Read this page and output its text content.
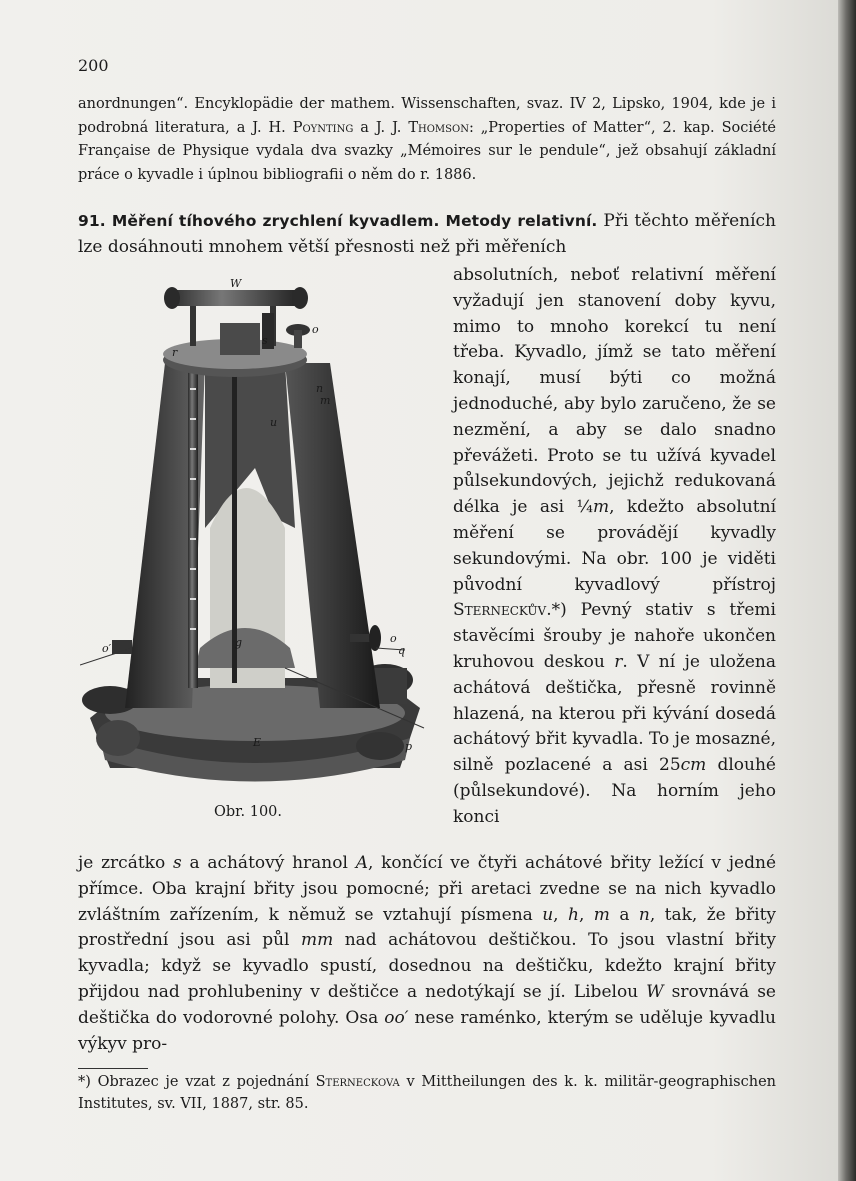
200

anordnungen“. Encyklopädie der mathem. Wissenschaften, svaz. IV 2, Lipsko, 1904, kde je i podrobná literatura, a J. H. Poynting a J. J. Thomson: „Properties of Matter“, 2. kap. Société Française de Physique vydala dva svazky „Mémoires sur le pendule“, jež obsahují základní práce o kyvadle i úplnou bibliografii o něm do r. 1886.

91. Měření tíhového zrychlení kyvadlem. Metody relativní. Při těchto měřeních lze dosáhnouti mnohem větší přesnosti než při měřeních

W
o
s
r
n
m
u
g	o
q
o′
E	p
Obr. 100.

absolutních, neboť relativní měření vyžadují jen stanovení doby kyvu, mimo to mnoho korekcí tu není třeba. Kyvadlo, jímž se tato měření konají, musí býti co možná jednoduché, aby bylo zaručeno, že se nezmění, a aby se dalo snadno převážeti. Proto se tu užívá kyvadel půlsekundových, jejichž redukovaná délka je asi ¼m, kdežto absolutní měření se provádějí kyvadly sekundovými. Na obr. 100 je viděti původní kyvadlový přístroj Sterneckův.*) Pevný stativ s třemi stavěcími šrouby je nahoře ukončen kruhovou deskou r. V ní je uložena achátová deštička, přesně rovinně hlazená, na kterou při kývání dosedá achátový břit kyvadla. To je mosazné, silně pozlacené a asi 25cm dlouhé (půlsekundové). Na horním jeho konci

je zrcátko s a achátový hranol A, končící ve čtyři achátové břity ležící v jedné přímce. Oba krajní břity jsou pomocné; při aretaci zvedne se na nich kyvadlo zvláštním zařízením, k němuž se vztahují písmena u, h, m a n, tak, že břity prostřední jsou asi půl mm nad achátovou deštičkou. To jsou vlastní břity kyvadla; když se kyvadlo spustí, dosednou na deštičku, kdežto krajní břity přijdou nad prohlubeniny v deštičce a nedotýkají se jí. Libelou W srovnává se deštička do vodorovné polohy. Osa oo′ nese raménko, kterým se uděluje kyvadlu výkyv pro-

*) Obrazec je vzat z pojednání Sterneckova v Mittheilungen des k. k. militär-geographischen Institutes, sv. VII, 1887, str. 85.
